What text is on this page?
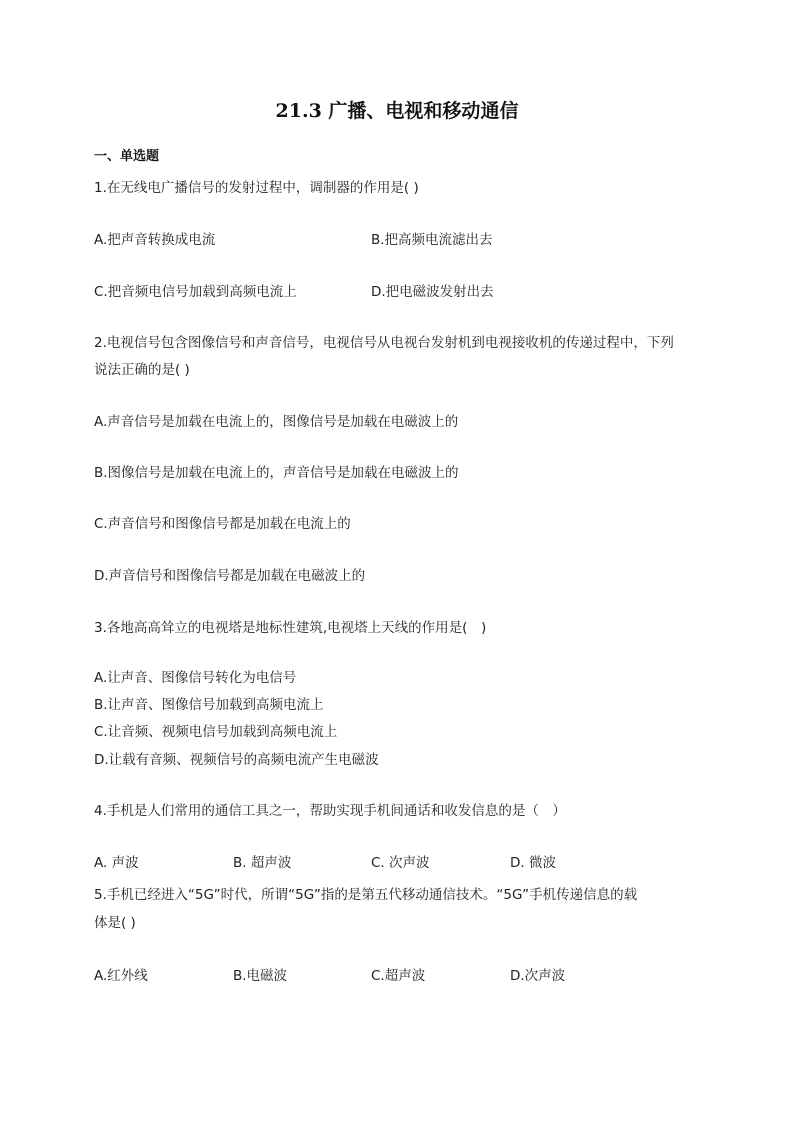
21.3 广播、电视和移动通信
一、单选题
1.在无线电广播信号的发射过程中，调制器的作用是( )
A.把声音转换成电流	B.把高频电流滤出去
C.把音频电信号加载到高频电流上	D.把电磁波发射出去
2.电视信号包含图像信号和声音信号，电视信号从电视台发射机到电视接收机的传递过程中，下列
说法正确的是( )
A.声音信号是加载在电流上的，图像信号是加载在电磁波上的
B.图像信号是加载在电流上的，声音信号是加载在电磁波上的
C.声音信号和图像信号都是加载在电流上的
D.声音信号和图像信号都是加载在电磁波上的
3.各地高高耸立的电视塔是地标性建筑,电视塔上天线的作用是(　)
A.让声音、图像信号转化为电信号
B.让声音、图像信号加载到高频电流上
C.让音频、视频电信号加载到高频电流上
D.让载有音频、视频信号的高频电流产生电磁波
4.手机是人们常用的通信工具之一，帮助实现手机间通话和收发信息的是（　）
A. 声波	B. 超声波	C. 次声波	D. 微波
5.手机已经进入“5G”时代，所谓“5G”指的是第五代移动通信技术。“5G”手机传递信息的载
体是( )
A.红外线	B.电磁波	C.超声波	D.次声波
